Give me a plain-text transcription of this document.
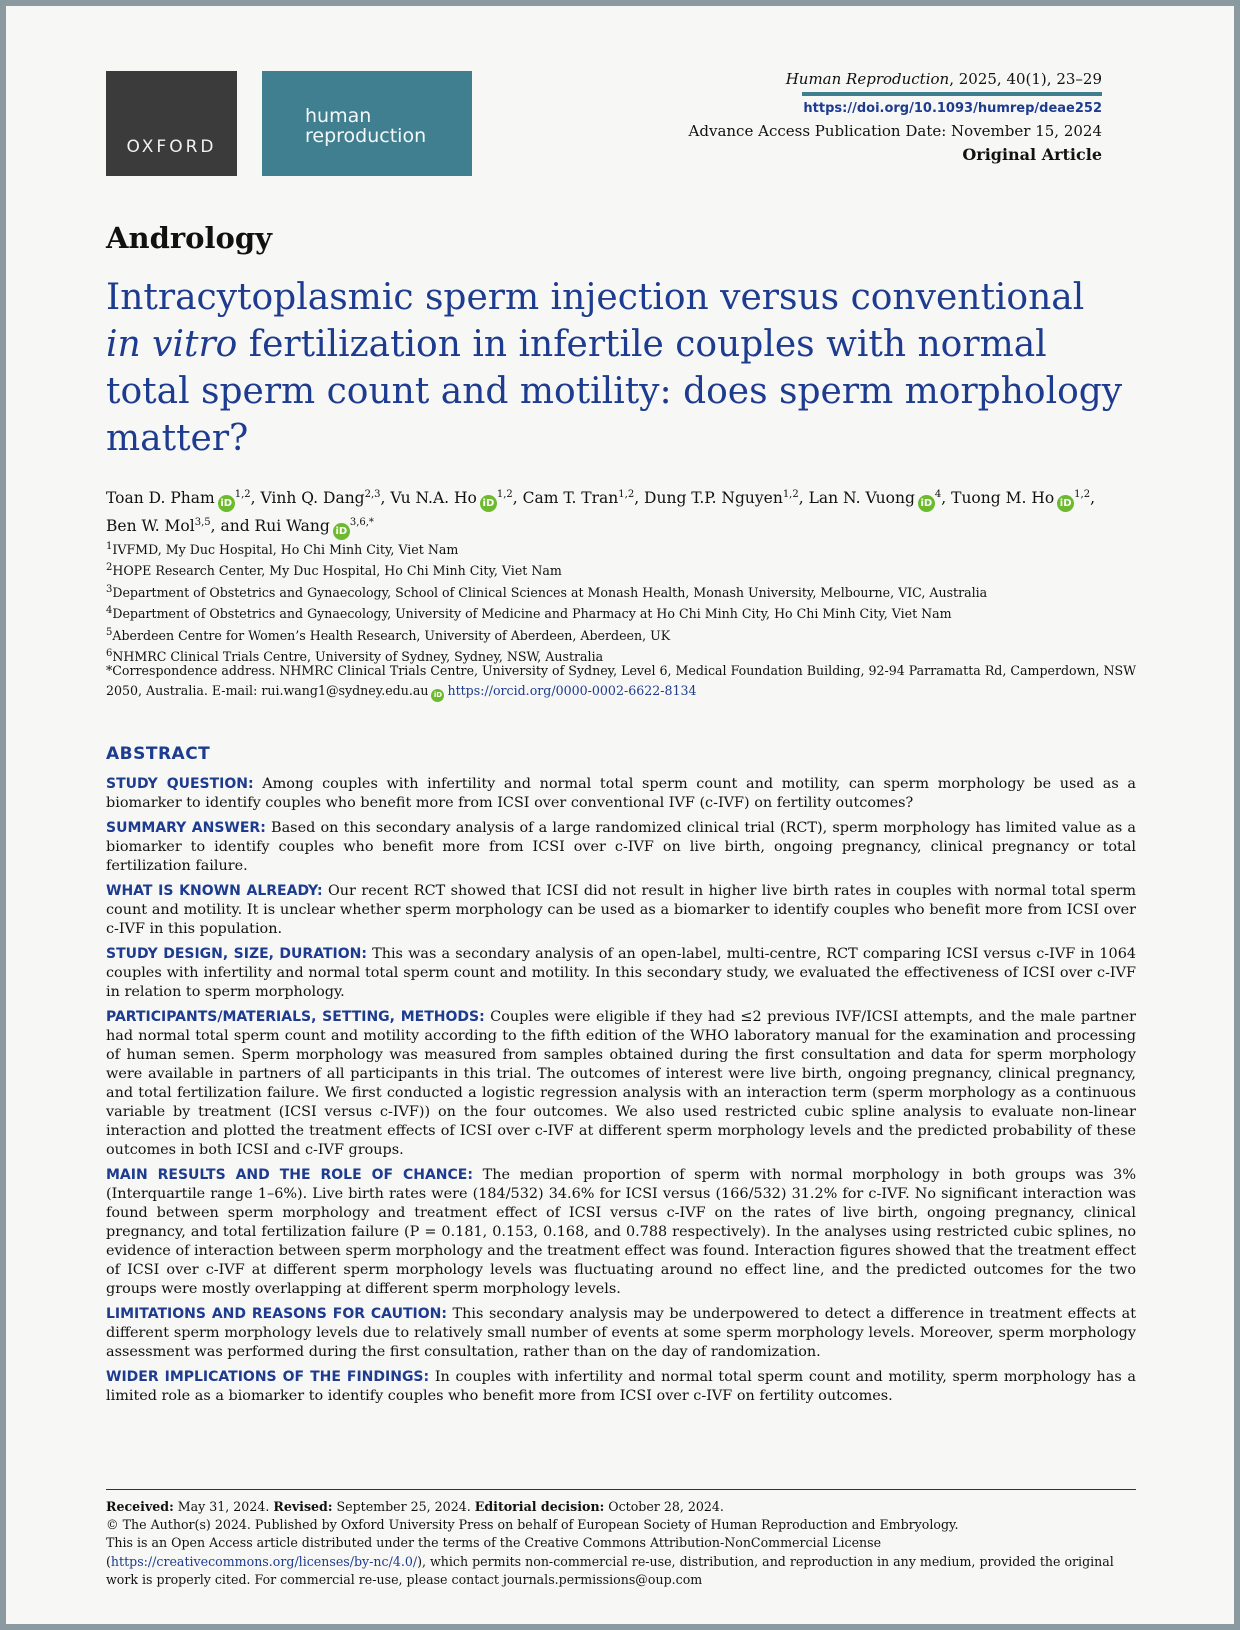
OXFORD
human
reproduction
Human Reproduction, 2025, 40(1), 23–29
https://doi.org/10.1093/humrep/deae252
Advance Access Publication Date: November 15, 2024
Original Article
Andrology
Intracytoplasmic sperm injection versus conventional
in vitro fertilization in infertile couples with normal total sperm count and motility: does sperm morphology matter?
Toan D. Pham iD$^{1,2}$, Vinh Q. Dang$^{2,3}$, Vu N.A. Ho iD$^{1,2}$, Cam T. Tran$^{1,2}$, Dung T.P. Nguyen$^{1,2}$, Lan N. Vuong $iD^4$, Tuong M. Ho iD$^{1,2}$,
Ben W. Mol$^{3,5}$, and Rui Wang $iD^{3,6,*}$
$^1$IVFMD, My Duc Hospital, Ho Chi Minh City, Viet Nam
$^2$HOPE Research Center, My Duc Hospital, Ho Chi Minh City, Viet Nam
$^3$Department of Obstetrics and Gynaecology, School of Clinical Sciences at Monash Health, Monash University, Melbourne, VIC, Australia
$^4$Department of Obstetrics and Gynaecology, University of Medicine and Pharmacy at Ho Chi Minh City, Ho Chi Minh City, Viet Nam
$^5$Aberdeen Centre for Women’s Health Research, University of Aberdeen, Aberdeen, UK
$^6$NHMRC Clinical Trials Centre, University of Sydney, Sydney, NSW, Australia
*Correspondence address. NHMRC Clinical Trials Centre, University of Sydney, Level 6, Medical Foundation Building, 92-94 Parramatta Rd, Camperdown, NSW 2050, Australia. E-mail: rui.wang1@sydney.edu.au iD https://orcid.org/0000-0002-6622-8134
ABSTRACT

STUDY QUESTION: Among couples with infertility and normal total sperm count and motility, can sperm morphology be used as a biomarker to identify couples who benefit more from ICSI over conventional IVF (c-IVF) on fertility outcomes?

SUMMARY ANSWER: Based on this secondary analysis of a large randomized clinical trial (RCT), sperm morphology has limited value as a biomarker to identify couples who benefit more from ICSI over c-IVF on live birth, ongoing pregnancy, clinical pregnancy or total fertilization failure.

WHAT IS KNOWN ALREADY: Our recent RCT showed that ICSI did not result in higher live birth rates in couples with normal total sperm count and motility. It is unclear whether sperm morphology can be used as a biomarker to identify couples who benefit more from ICSI over c-IVF in this population.

STUDY DESIGN, SIZE, DURATION: This was a secondary analysis of an open-label, multi-centre, RCT comparing ICSI versus c-IVF in 1064 couples with infertility and normal total sperm count and motility. In this secondary study, we evaluated the effectiveness of ICSI over c-IVF in relation to sperm morphology.

PARTICIPANTS/MATERIALS, SETTING, METHODS: Couples were eligible if they had ≤2 previous IVF/ICSI attempts, and the male partner had normal total sperm count and motility according to the fifth edition of the WHO laboratory manual for the examination and processing of human semen. Sperm morphology was measured from samples obtained during the first consultation and data for sperm morphology were available in partners of all participants in this trial. The outcomes of interest were live birth, ongoing pregnancy, clinical pregnancy, and total fertilization failure. We first conducted a logistic regression analysis with an interaction term (sperm morphology as a continuous variable by treatment (ICSI versus c-IVF)) on the four outcomes. We also used restricted cubic spline analysis to evaluate non-linear interaction and plotted the treatment effects of ICSI over c-IVF at different sperm morphology levels and the predicted probability of these outcomes in both ICSI and c-IVF groups.

MAIN RESULTS AND THE ROLE OF CHANCE: The median proportion of sperm with normal morphology in both groups was 3% (Interquartile range 1–6%). Live birth rates were (184/532) 34.6% for ICSI versus (166/532) 31.2% for c-IVF. No significant interaction was found between sperm morphology and treatment effect of ICSI versus c-IVF on the rates of live birth, ongoing pregnancy, clinical pregnancy, and total fertilization failure (P = 0.181, 0.153, 0.168, and 0.788 respectively). In the analyses using restricted cubic splines, no evidence of interaction between sperm morphology and the treatment effect was found. Interaction figures showed that the treatment effect of ICSI over c-IVF at different sperm morphology levels was fluctuating around no effect line, and the predicted outcomes for the two groups were mostly overlapping at different sperm morphology levels.

LIMITATIONS AND REASONS FOR CAUTION: This secondary analysis may be underpowered to detect a difference in treatment effects at different sperm morphology levels due to relatively small number of events at some sperm morphology levels. Moreover, sperm morphology assessment was performed during the first consultation, rather than on the day of randomization.

WIDER IMPLICATIONS OF THE FINDINGS: In couples with infertility and normal total sperm count and motility, sperm morphology has a limited role as a biomarker to identify couples who benefit more from ICSI over c-IVF on fertility outcomes.

Received: May 31, 2024. Revised: September 25, 2024. Editorial decision: October 28, 2024.

© The Author(s) 2024. Published by Oxford University Press on behalf of European Society of Human Reproduction and Embryology.

This is an Open Access article distributed under the terms of the Creative Commons Attribution-NonCommercial License (https://creativecommons.org/licenses/by-nc/4.0/), which permits non-commercial re-use, distribution, and reproduction in any medium, provided the original work is properly cited. For commercial re-use, please contact journals.permissions@oup.com
